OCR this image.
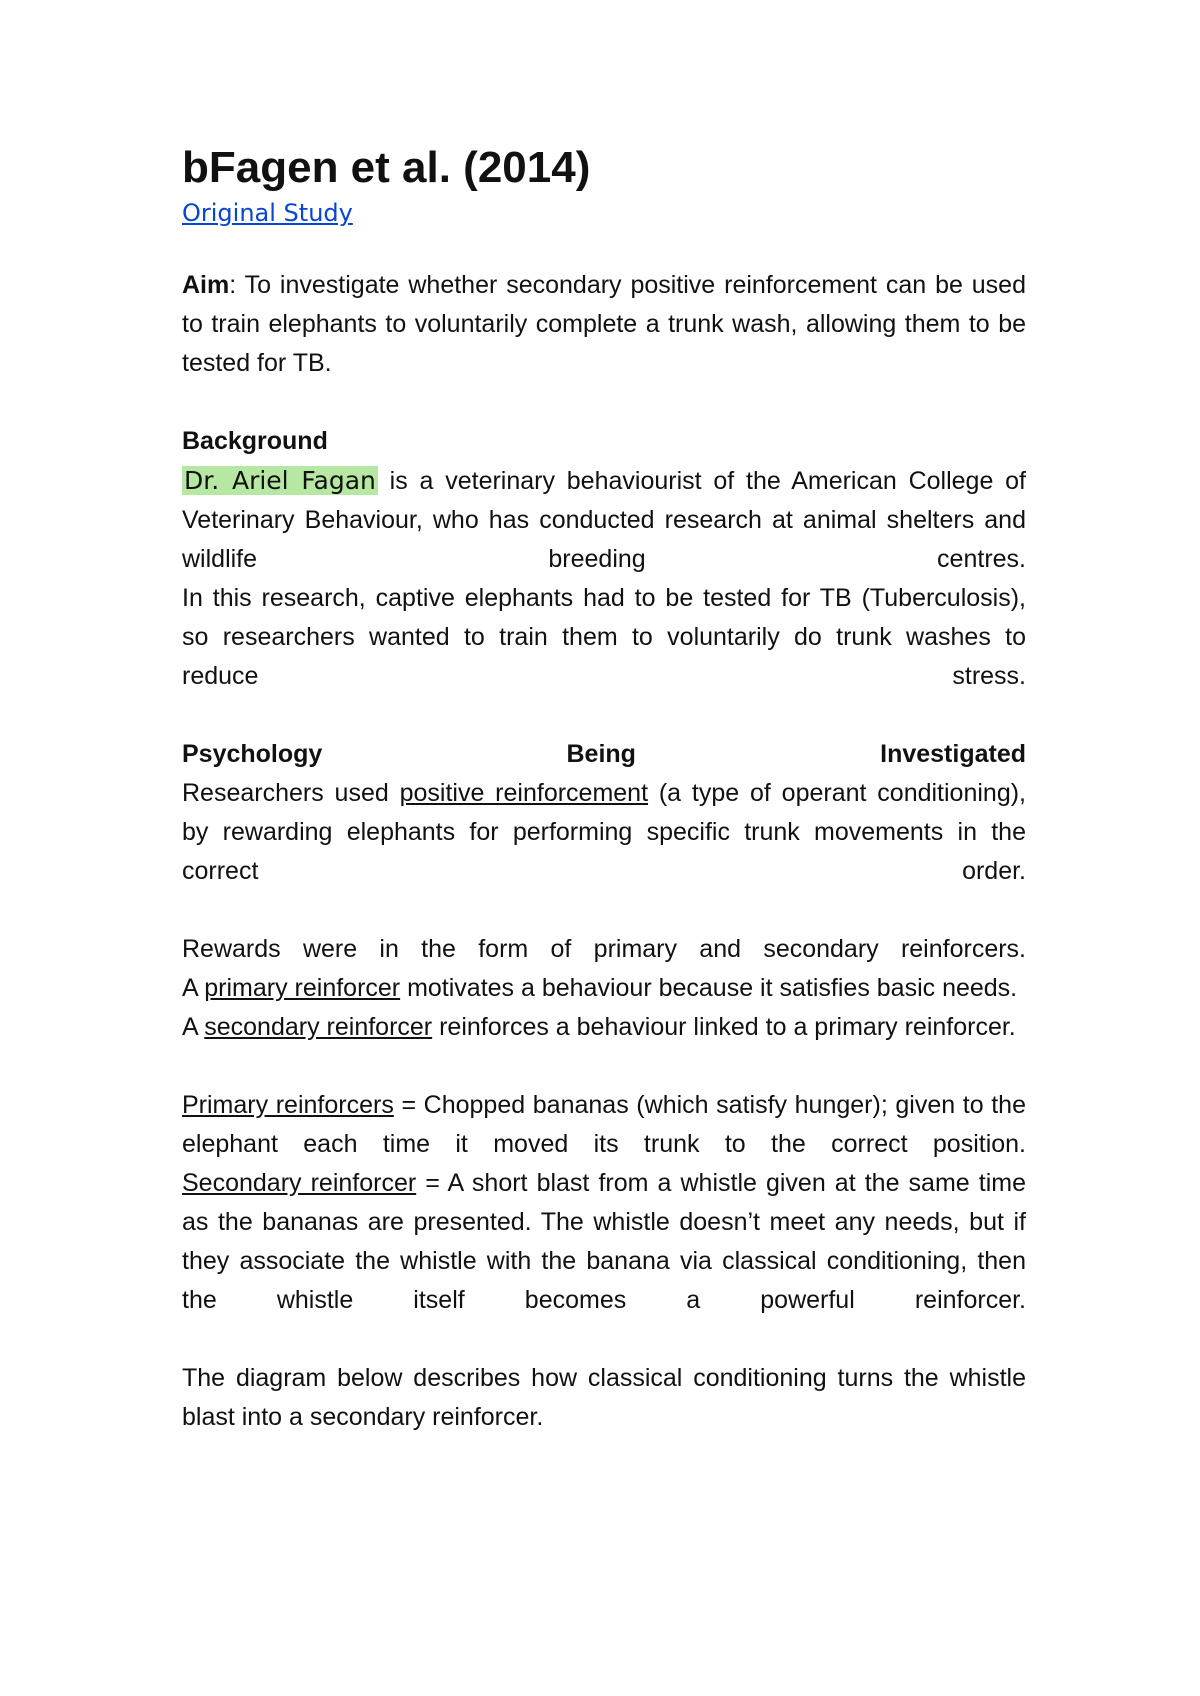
bFagen et al. (2014)
Original Study

Aim: To investigate whether secondary positive reinforcement can be used to train elephants to voluntarily complete a trunk wash, allowing them to be tested for TB.

Background

Dr. Ariel Fagan is a veterinary behaviourist of the American College of Veterinary Behaviour, who has conducted research at animal shelters and wildlife breeding centres.

In this research, captive elephants had to be tested for TB (Tuberculosis), so researchers wanted to train them to voluntarily do trunk washes to reduce stress.

Psychology Being Investigated

Researchers used positive reinforcement (a type of operant conditioning), by rewarding elephants for performing specific trunk movements in the correct order.

Rewards were in the form of primary and secondary reinforcers.

A primary reinforcer motivates a behaviour because it satisfies basic needs.

A secondary reinforcer reinforces a behaviour linked to a primary reinforcer.

Primary reinforcers = Chopped bananas (which satisfy hunger); given to the elephant each time it moved its trunk to the correct position.

Secondary reinforcer = A short blast from a whistle given at the same time as the bananas are presented. The whistle doesn’t meet any needs, but if they associate the whistle with the banana via classical conditioning, then the whistle itself becomes a powerful reinforcer.

The diagram below describes how classical conditioning turns the whistle blast into a secondary reinforcer.
